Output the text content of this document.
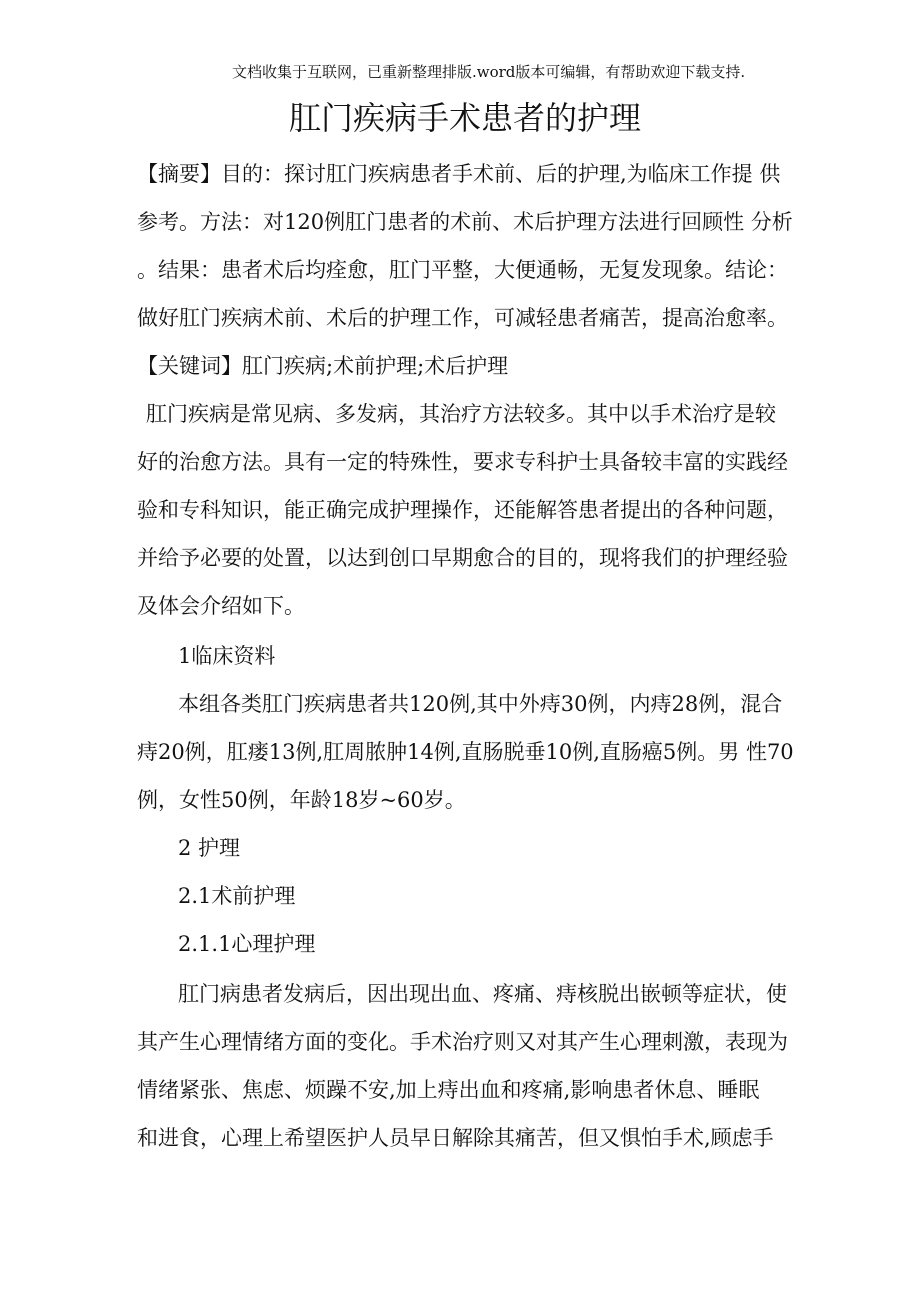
文档收集于互联网，已重新整理排版.word版本可编辑，有帮助欢迎下载支持.
肛门疾病手术患者的护理
【摘要】目的：探讨肛门疾病患者手术前、后的护理,为临床工作提 供
参考。方法：对120例肛门患者的术前、术后护理方法进行回顾性 分析
。结果：患者术后均痊愈，肛门平整，大便通畅，无复发现象。结论：
做好肛门疾病术前、术后的护理工作，可减轻患者痛苦，提高治愈率。
【关键词】肛门疾病;术前护理;术后护理
肛门疾病是常见病、多发病，其治疗方法较多。其中以手术治疗是较
好的治愈方法。具有一定的特殊性，要求专科护士具备较丰富的实践经
验和专科知识，能正确完成护理操作，还能解答患者提出的各种问题，
并给予必要的处置，以达到创口早期愈合的目的，现将我们的护理经验
及体会介绍如下。
1临床资料
本组各类肛门疾病患者共120例,其中外痔30例，内痔28例，混合
痔20例，肛瘘13例,肛周脓肿14例,直肠脱垂10例,直肠癌5例。男 性70
例，女性50例，年龄18岁~60岁。
2 护理
2.1术前护理
2.1.1心理护理
肛门病患者发病后，因出现出血、疼痛、痔核脱出嵌顿等症状，使
其产生心理情绪方面的变化。手术治疗则又对其产生心理刺激，表现为
情绪紧张、焦虑、烦躁不安,加上痔出血和疼痛,影响患者休息、睡眠
和进食，心理上希望医护人员早日解除其痛苦，但又惧怕手术,顾虑手
